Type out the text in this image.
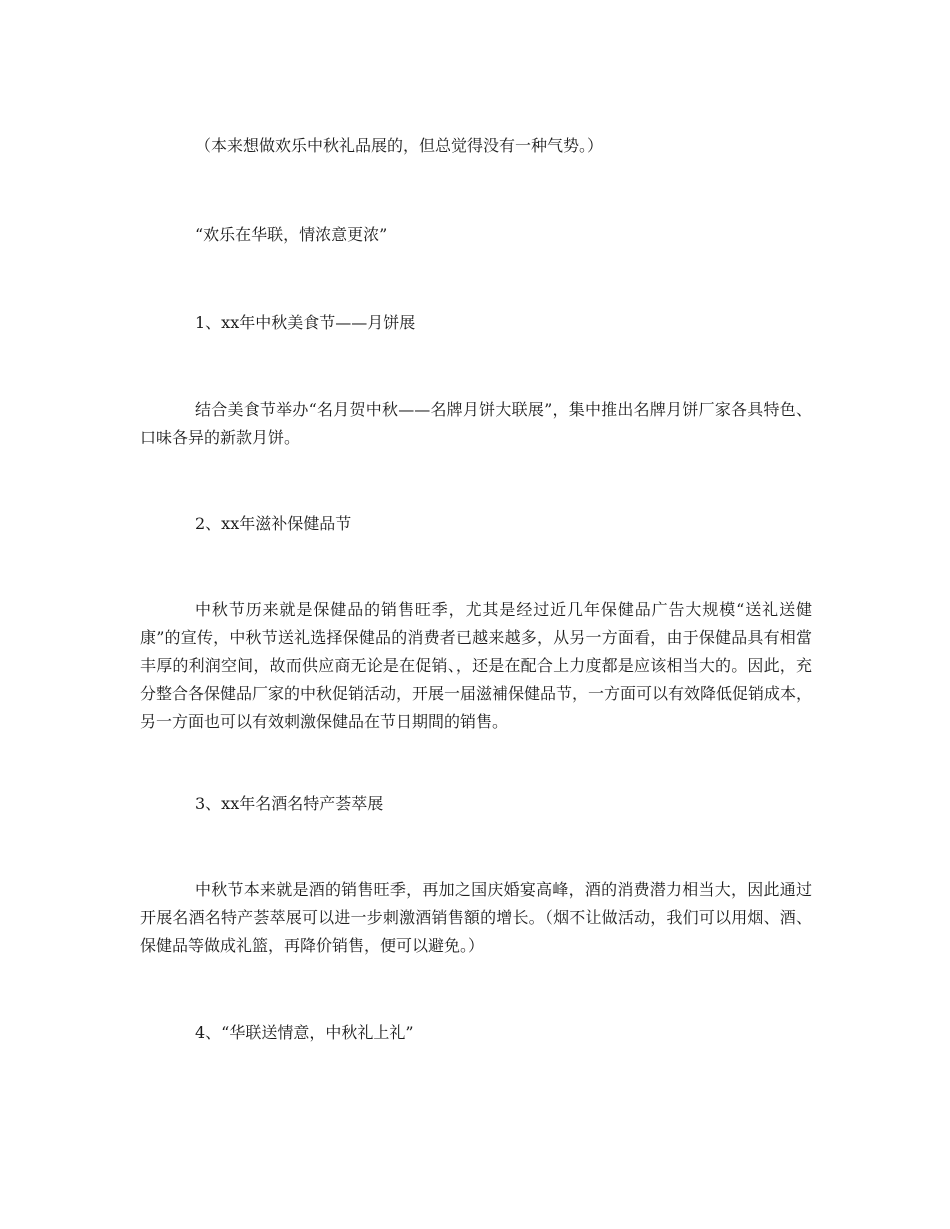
（本来想做欢乐中秋礼品展的，但总觉得没有一种气势。）
“欢乐在华联，情浓意更浓”
1、xx年中秋美食节——月饼展

结合美食节举办“名月贺中秋——名牌月饼大联展”，集中推出名牌月饼厂家各具特色、口味各异的新款月饼。

2、xx年滋补保健品节

中秋节历来就是保健品的销售旺季，尤其是经过近几年保健品广告大规模“送礼送健康”的宣传，中秋节送礼选择保健品的消费者已越来越多，从另一方面看，由于保健品具有相當丰厚的利润空间，故而供应商无论是在促销、，还是在配合上力度都是应该相当大的。因此，充分整合各保健品厂家的中秋促销活动，开展一届滋補保健品节，一方面可以有效降低促销成本，另一方面也可以有效刺激保健品在节日期間的销售。

3、xx年名酒名特产荟萃展

中秋节本来就是酒的销售旺季，再加之国庆婚宴高峰，酒的消费潜力相当大，因此通过开展名酒名特产荟萃展可以进一步刺激酒销售額的增长。（烟不让做活动，我们可以用烟、酒、保健品等做成礼篮，再降价销售，便可以避免。）

4、“华联送情意，中秋礼上礼”
